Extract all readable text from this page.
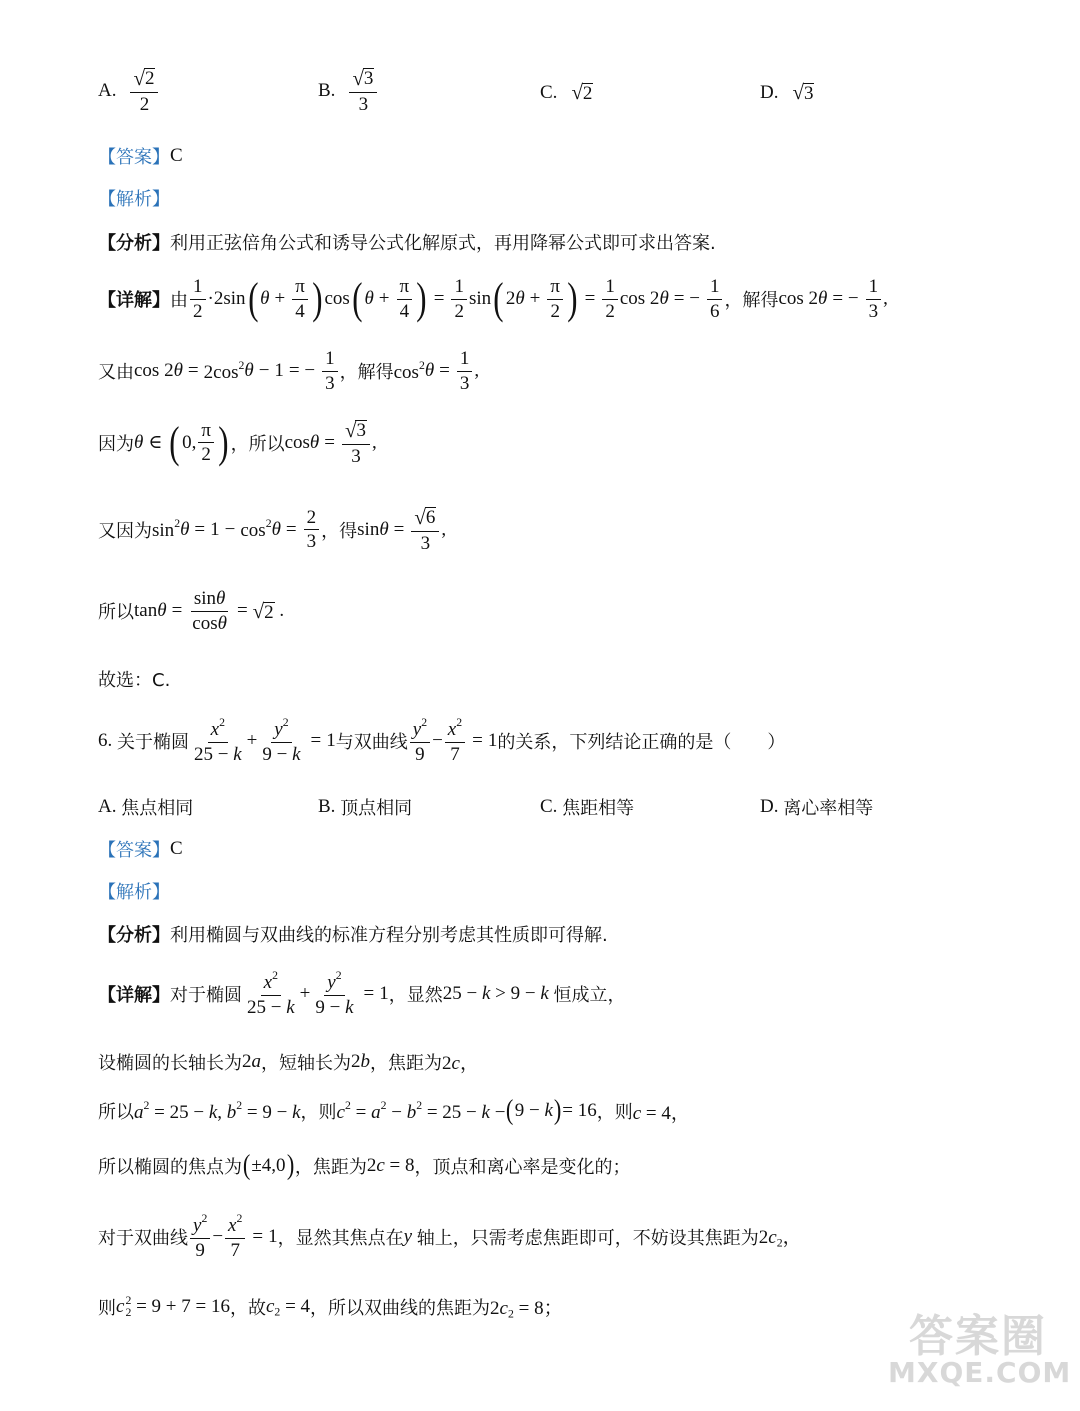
A. $\frac{√ 2}{2}$	B. $\frac{√ 3}{3}$	C. √ 2	D. √ 3
【答案】 C
【解析】
【分析】 利用正弦倍角公式和诱导公式化解原式，再用降幂公式即可求出答案.
【详解】 由 $\frac{1}{2} \cdot 2\sin$ ( $\theta + \frac{\pi}{4}$ ) cos ( $\theta + \frac{\pi}{4}$ ) = $\frac{1}{2}$ sin ( 2 $\theta + \frac{\pi}{2}$ ) = $\frac{1}{2}$ cos 2 θ = − $\frac{1}{6}$ ，解得 cos 2 θ = − $\frac{1}{3}$ ,
又由 cos 2 $\theta = 2\cos^2$ θ − 1 = − $\frac{1}{3}$ ，解得 $\cos^2 \theta = \frac{1}{3}$ ,
因为 θ ∈ ( 0, $\frac{\pi}{2}$ ) ，所以 $\cos \theta = \frac{√ 3}{3}$ ,
又因为 $\sin^2 \theta = 1 - \cos^2 \theta = \frac{2}{3}$ ，得 $\sin \theta = \frac{√ 6}{3}$ ,
所以 $\tan \theta = \frac{\sin\theta}{\cos\theta}$ = √ 2 .
故选：C.
6.
关于椭圆 $\frac{x^2}{25 - k} + \frac{y^2}{9 - k} = 1$ 与双曲线 $\frac{y^2}{9} - \frac{x^2}{7} = 1$ 的关系，下列结论正确的是（　　）
A.
焦点相同	B.
顶点相同	C.
焦距相等	D.
离心率相等
【答案】 C
【解析】
【分析】 利用椭圆与双曲线的标准方程分别考虑其性质即可得解.
【详解】 对于椭圆 $\frac{x^2}{25 - k} + \frac{y^2}{9 - k} = 1$ ，显然 25 − k > 9 − k
恒成立，
设椭圆的长轴长为 2a ，短轴长为 2b ，焦距为 2c，
所以 $a^2 = 25 - k$, $b^2 = 9 - k$ ，则 $c^2 = a^2 - b^2 = 25 - k$ − ( 9 − k ) = 16 ，则 c = 4，
所以椭圆的焦点为 ( ±4,0 ) ，焦距为 2c = 8 ，顶点和离心率是变化的；
对于双曲线 $\frac{y^2}{9} - \frac{x^2}{7} = 1$ ，显然其焦点在 y
轴上，只需考虑焦距即可，不妨设其焦距为 $2c_2$，
则 c 2
2 = 9 + 7 = 16 ，故 $c_2 = 4$ ，所以双曲线的焦距为 $2c_2 = 8$；
答案圈
MXQE.COM
